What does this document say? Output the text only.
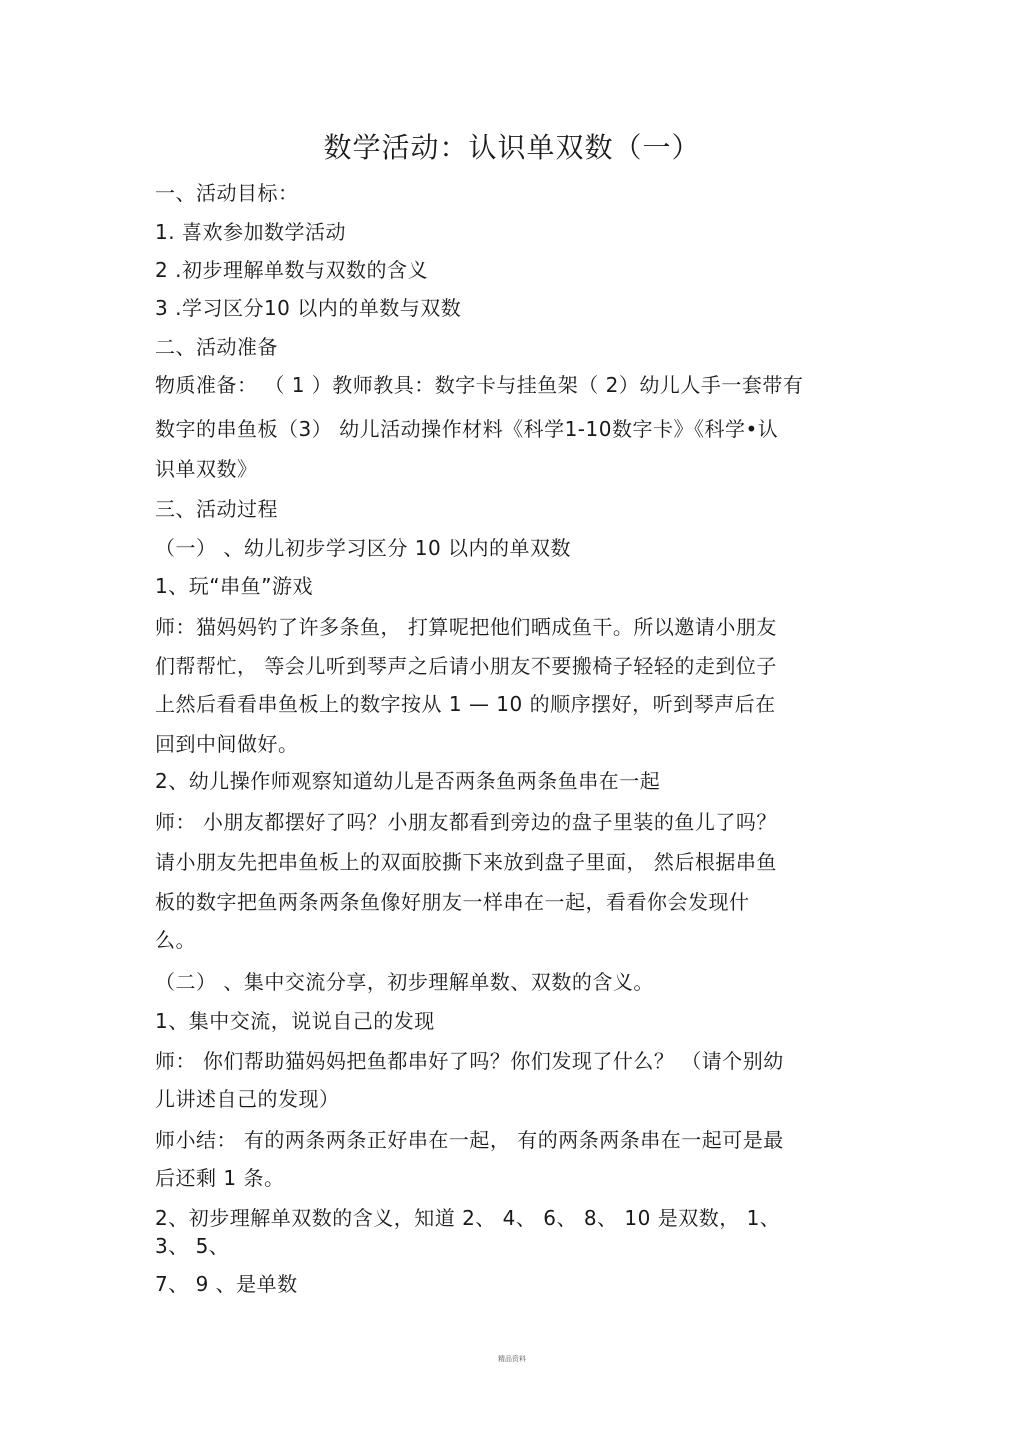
数学活动：认识单双数（一）
一、活动目标：
1. 喜欢参加数学活动
2 .初步理解单数与双数的含义
3 .学习区分10 以内的单数与双数
二、活动准备
物质准备： （ 1 ）教师教具：数字卡与挂鱼架（ 2）幼儿人手一套带有
数字的串鱼板（3） 幼儿活动操作材料《科学1-10数字卡》《科学•认
识单双数》
三、活动过程
（一） 、幼儿初步学习区分 10 以内的单双数
1、玩“串鱼”游戏
师：猫妈妈钓了许多条鱼， 打算呢把他们晒成鱼干。所以邀请小朋友
们帮帮忙， 等会儿听到琴声之后请小朋友不要搬椅子轻轻的走到位子
上然后看看串鱼板上的数字按从 1 — 10 的顺序摆好，听到琴声后在
回到中间做好。
2、幼儿操作师观察知道幼儿是否两条鱼两条鱼串在一起
师： 小朋友都摆好了吗？小朋友都看到旁边的盘子里装的鱼儿了吗？
请小朋友先把串鱼板上的双面胶撕下来放到盘子里面， 然后根据串鱼
板的数字把鱼两条两条鱼像好朋友一样串在一起，看看你会发现什
么。
（二） 、集中交流分享，初步理解单数、双数的含义。
1、集中交流，说说自己的发现
师： 你们帮助猫妈妈把鱼都串好了吗？你们发现了什么？ （请个别幼
儿讲述自己的发现）
师小结： 有的两条两条正好串在一起， 有的两条两条串在一起可是最
后还剩 1 条。
2、初步理解单双数的含义，知道 2、 4、 6、 8、 10 是双数， 1、
3、 5、
7、 9 、是单数
精品资料
